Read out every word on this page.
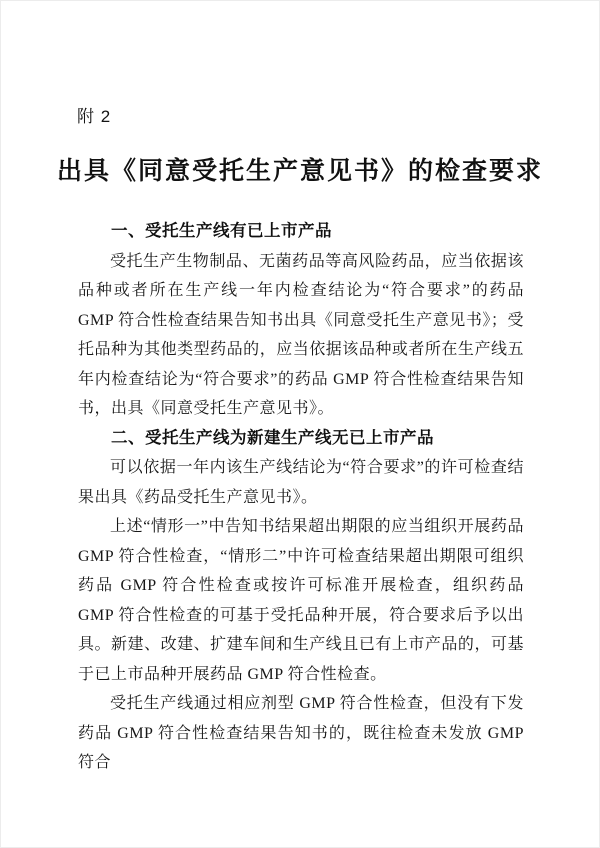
附 2
出具《同意受托生产意见书》的检查要求
一、受托生产线有已上市产品

受托生产生物制品、无菌药品等高风险药品，应当依据该品种或者所在生产线一年内检查结论为“符合要求”的药品 GMP 符合性检查结果告知书出具《同意受托生产意见书》；受托品种为其他类型药品的，应当依据该品种或者所在生产线五年内检查结论为“符合要求”的药品 GMP 符合性检查结果告知书，出具《同意受托生产意见书》。

二、受托生产线为新建生产线无已上市产品

可以依据一年内该生产线结论为“符合要求”的许可检查结果出具《药品受托生产意见书》。

上述“情形一”中告知书结果超出期限的应当组织开展药品 GMP 符合性检查，“情形二”中许可检查结果超出期限可组织药品 GMP 符合性检查或按许可标准开展检查，组织药品 GMP 符合性检查的可基于受托品种开展，符合要求后予以出具。新建、改建、扩建车间和生产线且已有上市产品的，可基于已上市品种开展药品 GMP 符合性检查。

受托生产线通过相应剂型 GMP 符合性检查，但没有下发药品 GMP 符合性检查结果告知书的，既往检查未发放 GMP 符合
